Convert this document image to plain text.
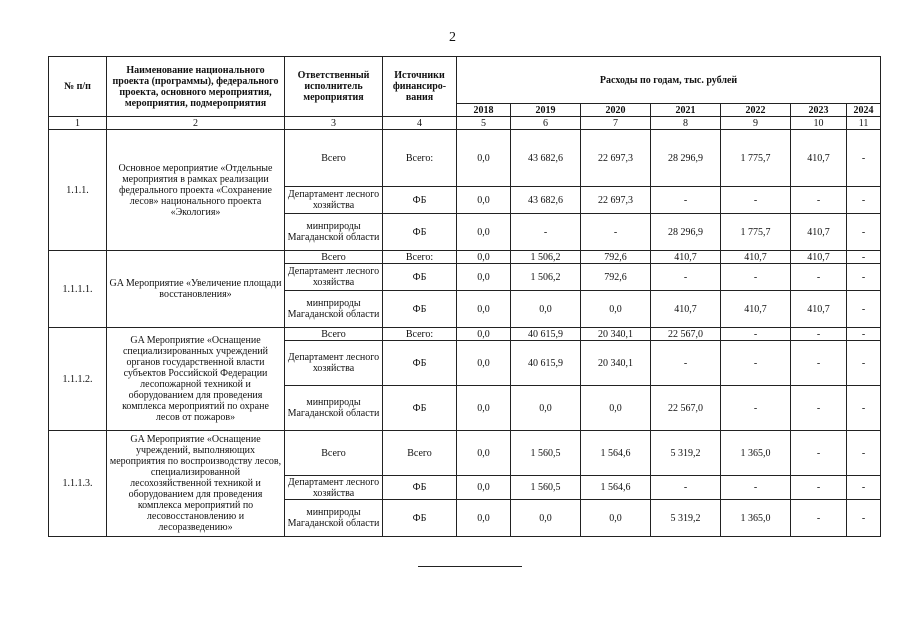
2
№ п/п	Наименование национального проекта (программы), федерального проекта, основного мероприятия, мероприятия, подмероприятия	Ответственный исполнитель мероприятия	Источники финансиро-вания	Расходы по годам, тыс. рублей						
				2018	2019	2020	2021	2022	2023	2024
1	2	3	4	5	6	7	8	9	10	11
1.1.1.	Основное мероприятие «Отдельные мероприятия в рамках реализации федерального проекта «Сохранение лесов» национального проекта «Экология»	Всего	Всего:	0,0	43 682,6	22 697,3	28 296,9	1 775,7	410,7	-
		Департамент лесного хозяйства	ФБ	0,0	43 682,6	22 697,3	-	-	-	-
		минприроды Магаданской области	ФБ	0,0	-	-	28 296,9	1 775,7	410,7	-
1.1.1.1.	GA Мероприятие «Увеличение площади восстановления»	Всего	Всего:	0,0	1 506,2	792,6	410,7	410,7	410,7	-
		Департамент лесного хозяйства	ФБ	0,0	1 506,2	792,6	-	-	-	-
		минприроды Магаданской области	ФБ	0,0	0,0	0,0	410,7	410,7	410,7	-
1.1.1.2.	GA Мероприятие «Оснащение специализированных учреждений органов государственной власти субъектов Российской Федерации лесопожарной техникой и оборудованием для проведения комплекса мероприятий по охране лесов от пожаров»	Всего	Всего:	0,0	40 615,9	20 340,1	22 567,0	-	-	-
		Департамент лесного хозяйства	ФБ	0,0	40 615,9	20 340,1	-	-	-	-
		минприроды Магаданской области	ФБ	0,0	0,0	0,0	22 567,0	-	-	-
1.1.1.3.	GA Мероприятие «Оснащение учреждений, выполняющих мероприятия по воспроизводству лесов, специализированной лесохозяйственной техникой и оборудованием для проведения комплекса мероприятий по лесовосстановлению и лесоразведению»	Всего	Всего	0,0	1 560,5	1 564,6	5 319,2	1 365,0	-	-
		Департамент лесного хозяйства	ФБ	0,0	1 560,5	1 564,6	-	-	-	-
		минприроды Магаданской области	ФБ	0,0	0,0	0,0	5 319,2	1 365,0	-	-
